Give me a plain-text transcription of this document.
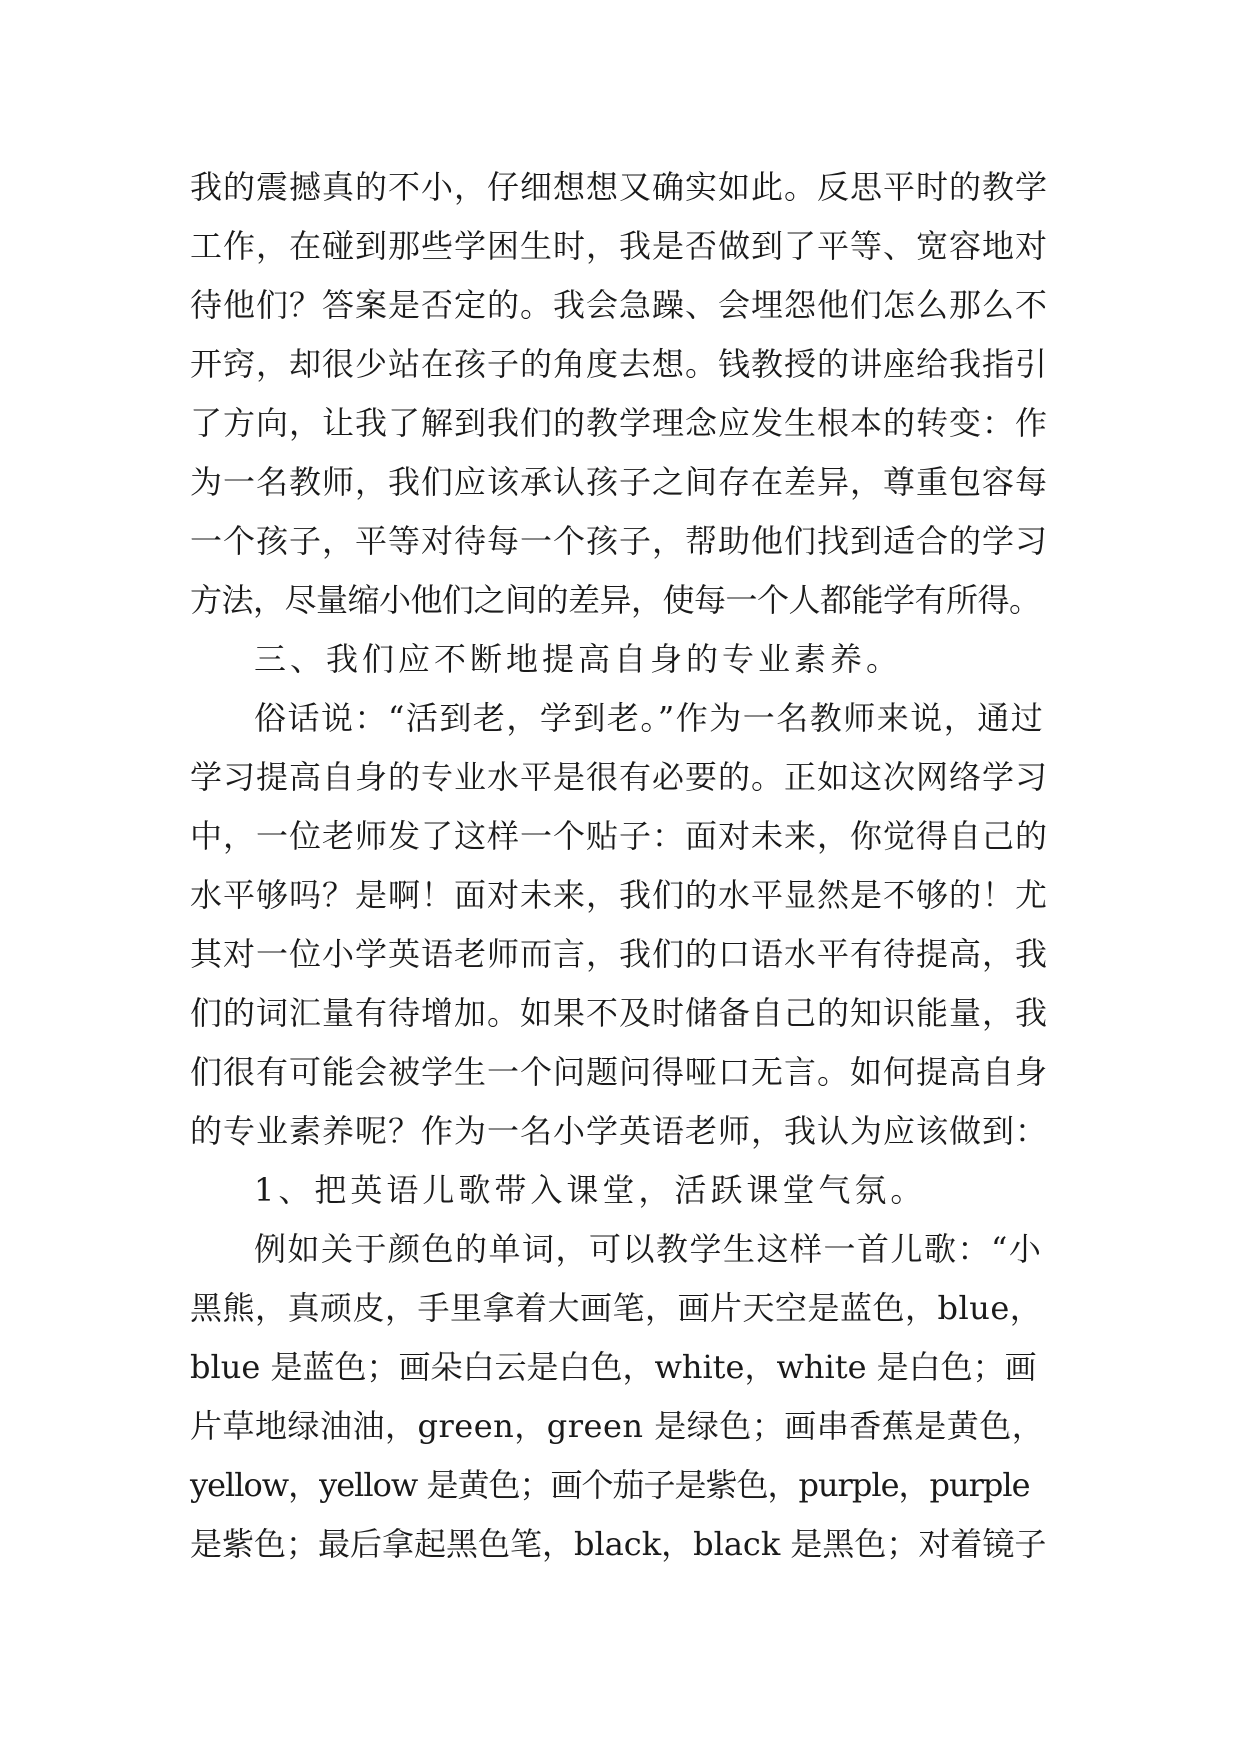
我的震撼真的不小，仔细想想又确实如此。反思平时的教学
工作，在碰到那些学困生时，我是否做到了平等、宽容地对
待他们？答案是否定的。我会急躁、会埋怨他们怎么那么不
开窍，却很少站在孩子的角度去想。钱教授的讲座给我指引
了方向，让我了解到我们的教学理念应发生根本的转变：作
为一名教师，我们应该承认孩子之间存在差异，尊重包容每
一个孩子，平等对待每一个孩子，帮助他们找到适合的学习
方法，尽量缩小他们之间的差异，使每一个人都能学有所得。
三、我们应不断地提高自身的专业素养。
俗话说：“活到老，学到老。”作为一名教师来说，通过
学习提高自身的专业水平是很有必要的。正如这次网络学习
中，一位老师发了这样一个贴子：面对未来，你觉得自己的
水平够吗？是啊！面对未来，我们的水平显然是不够的！尤
其对一位小学英语老师而言，我们的口语水平有待提高，我
们的词汇量有待增加。如果不及时储备自己的知识能量，我
们很有可能会被学生一个问题问得哑口无言。如何提高自身
的专业素养呢？作为一名小学英语老师，我认为应该做到：
1、把英语儿歌带入课堂，活跃课堂气氛。
例如关于颜色的单词，可以教学生这样一首儿歌：“小
黑熊，真顽皮，手里拿着大画笔，画片天空是蓝色，blue，
blue 是蓝色；画朵白云是白色，white，white 是白色；画
片草地绿油油，green，green 是绿色；画串香蕉是黄色，
yellow，yellow 是黄色；画个茄子是紫色，purple，purple
是紫色；最后拿起黑色笔，black，black 是黑色；对着镜子
